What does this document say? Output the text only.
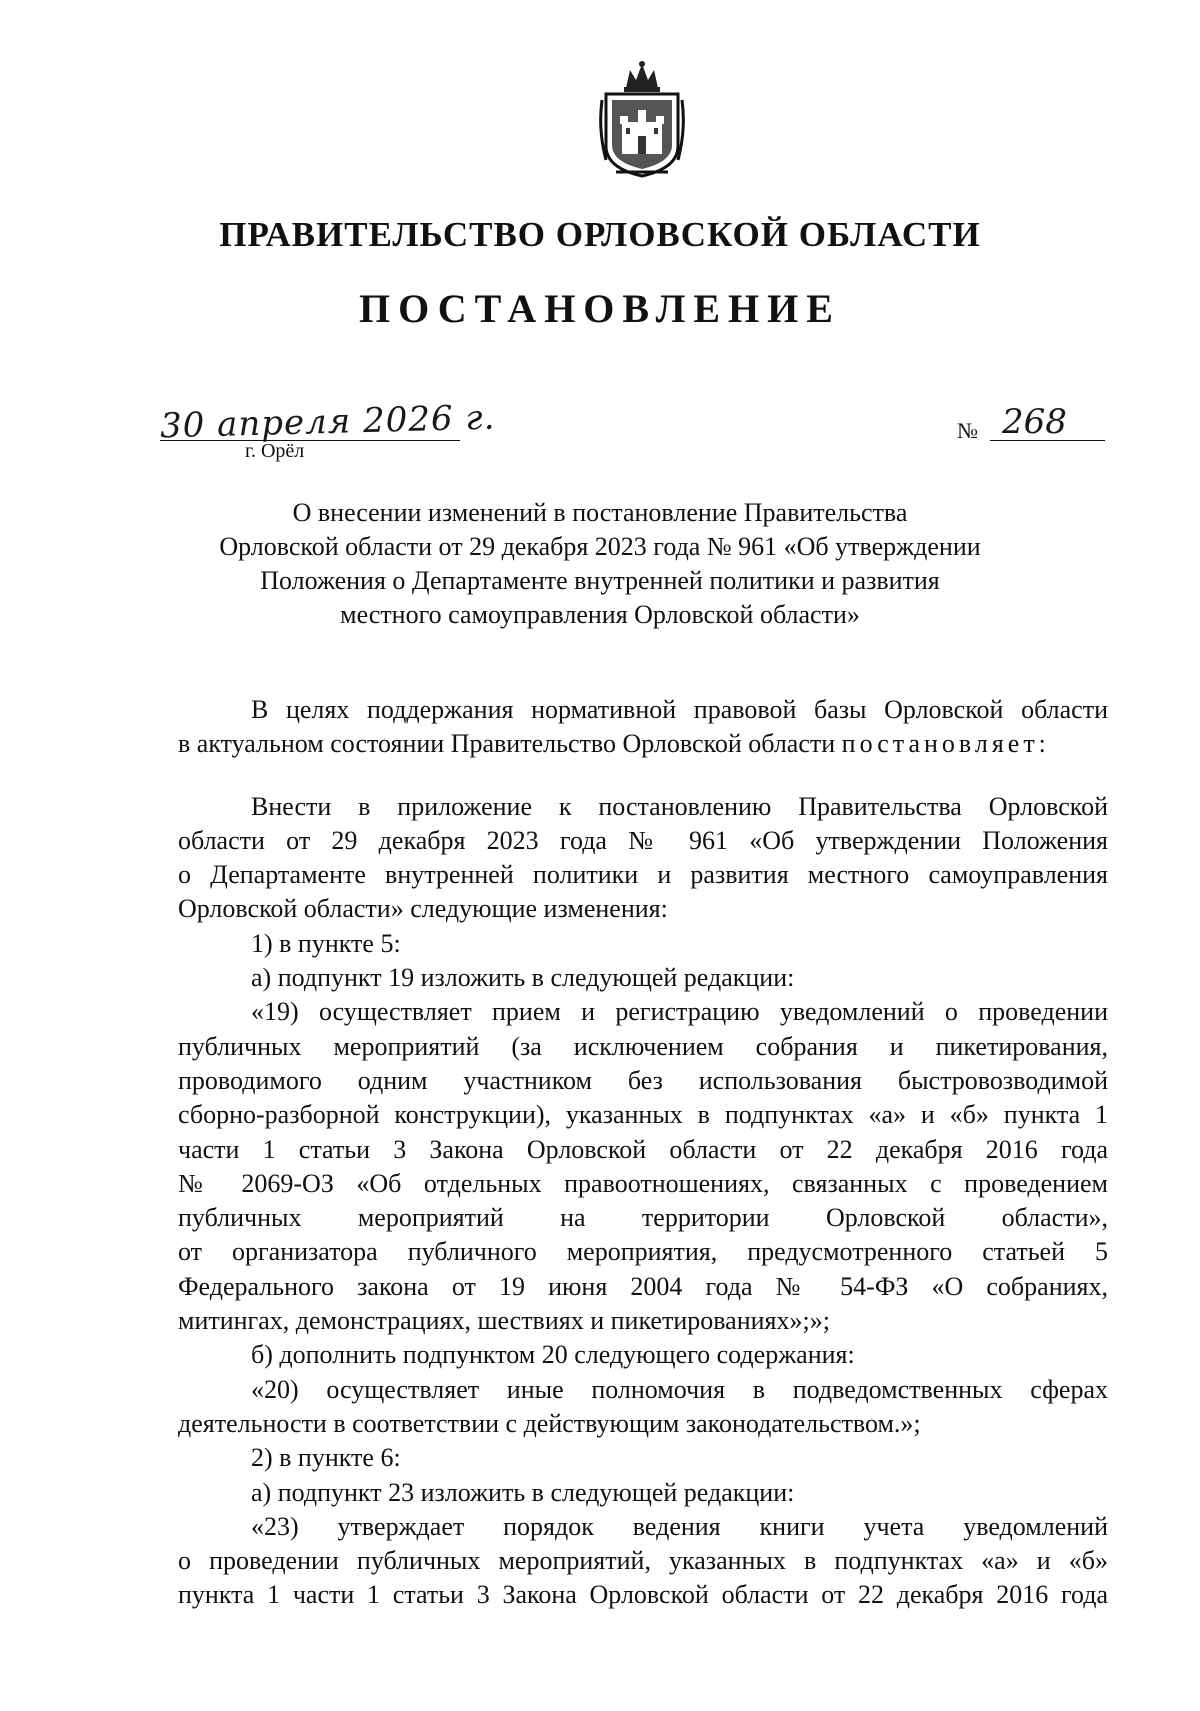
ПРАВИТЕЛЬСТВО ОРЛОВСКОЙ ОБЛАСТИ
ПОСТАНОВЛЕНИЕ
30 апреля 2026 г.
г. Орёл
№ 268
О внесении изменений в постановление Правительства
Орловской области от 29 декабря 2023 года № 961 «Об утверждении
Положения о Департаменте внутренней политики и развития
местного самоуправления Орловской области»
В целях поддержания нормативной правовой базы Орловской области
в актуальном состоянии Правительство Орловской области постановляет:
Внести в приложение к постановлению Правительства Орловской
области от 29 декабря 2023 года № 961 «Об утверждении Положения
о Департаменте внутренней политики и развития местного самоуправления
Орловской области» следующие изменения:
1) в пункте 5:
а) подпункт 19 изложить в следующей редакции:
«19) осуществляет прием и регистрацию уведомлений о проведении
публичных мероприятий (за исключением собрания и пикетирования,
проводимого одним участником без использования быстровозводимой
сборно-разборной конструкции), указанных в подпунктах «а» и «б» пункта 1
части 1 статьи 3 Закона Орловской области от 22 декабря 2016 года
№ 2069-ОЗ «Об отдельных правоотношениях, связанных с проведением
публичных мероприятий на территории Орловской области»,
от организатора публичного мероприятия, предусмотренного статьей 5
Федерального закона от 19 июня 2004 года № 54-ФЗ «О собраниях,
митингах, демонстрациях, шествиях и пикетированиях»;»;
б) дополнить подпунктом 20 следующего содержания:
«20) осуществляет иные полномочия в подведомственных сферах
деятельности в соответствии с действующим законодательством.»;
2) в пункте 6:
а) подпункт 23 изложить в следующей редакции:
«23) утверждает порядок ведения книги учета уведомлений
о проведении публичных мероприятий, указанных в подпунктах «а» и «б»
пункта 1 части 1 статьи 3 Закона Орловской области от 22 декабря 2016 года
